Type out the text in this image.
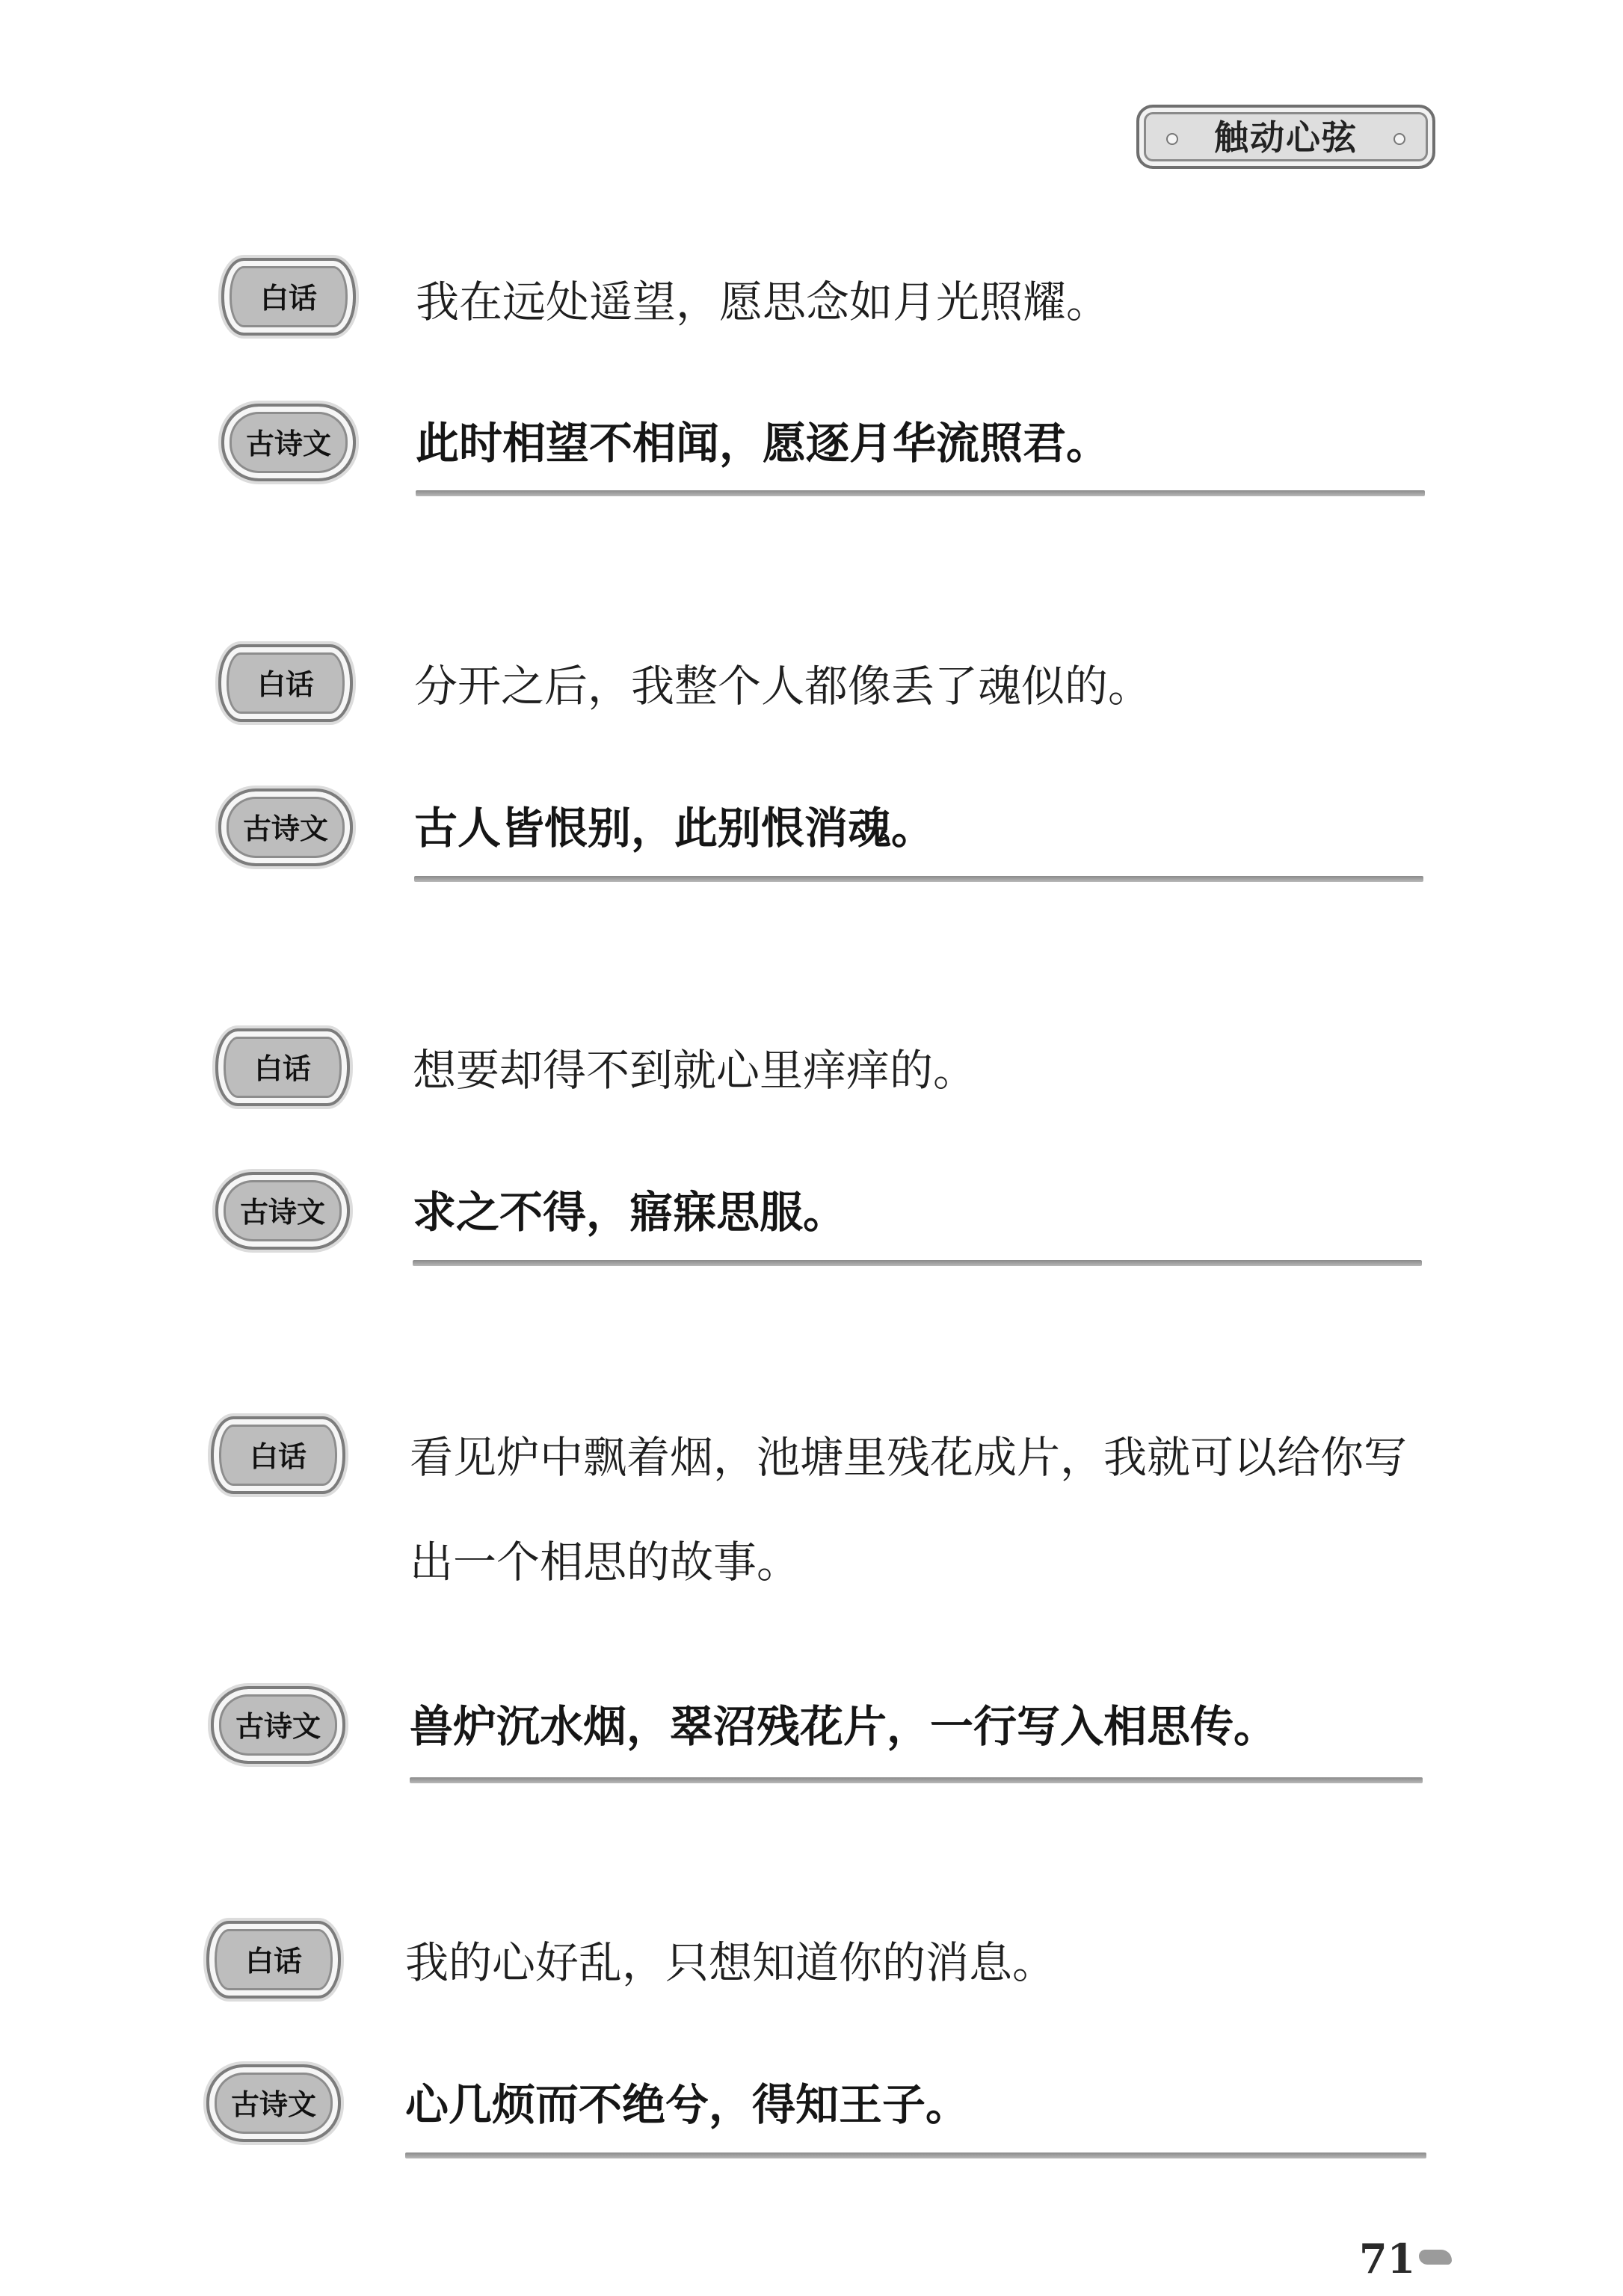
触动心弦
白话	我在远处遥望，愿思念如月光照耀。
古诗文	此时相望不相闻，愿逐月华流照君。
白话	分开之后，我整个人都像丢了魂似的。
古诗文	古人皆恨别，此别恨消魂。
白话	想要却得不到就心里痒痒的。
古诗文	求之不得，寤寐思服。
白话	看见炉中飘着烟，池塘里残花成片，我就可以给你写出一个相思的故事。
古诗文	兽炉沉水烟，翠沼残花片，一行写入相思传。
白话	我的心好乱，只想知道你的消息。
古诗文	心几烦而不绝兮，得知王子。
71
